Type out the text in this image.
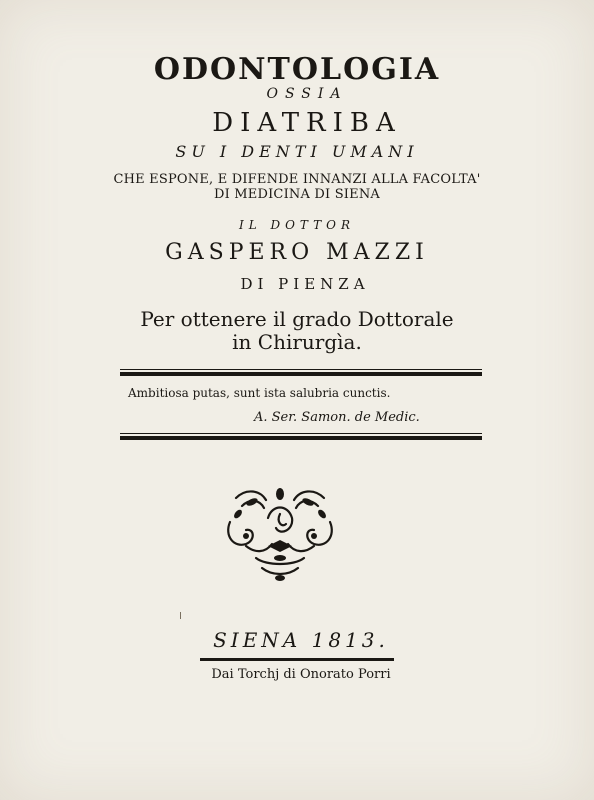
ODONTOLOGIA
OSSIA
DIATRIBA
SU I DENTI UMANI
CHE ESPONE, E DIFENDE INNANZI ALLA FACOLTA'
DI MEDICINA DI SIENA
IL DOTTOR
GASPERO MAZZI
DI PIENZA
Per ottenere il grado Dottorale
in Chirurgìa.
Ambitiosa putas, sunt ista salubria cunctis.
A. Ser. Samon. de Medic.
SIENA 1813.
Dai Torchj di Onorato Porri
